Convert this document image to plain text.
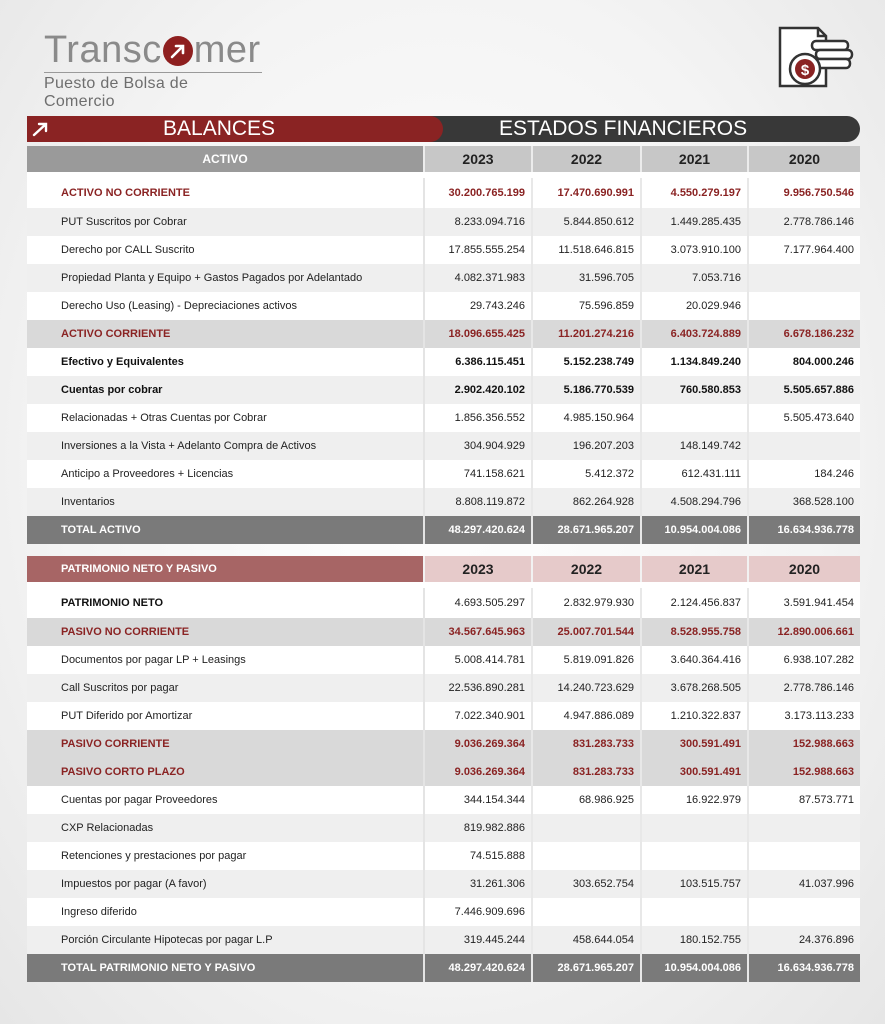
Transc mer
Puesto de Bolsa de Comercio
$
BALANCES	ESTADOS FINANCIEROS
ACTIVO	2023	2022	2021	2020

ACTIVO NO CORRIENTE	30.200.765.199	17.470.690.991	4.550.279.197	9.956.750.546
PUT Suscritos por Cobrar	8.233.094.716	5.844.850.612	1.449.285.435	2.778.786.146
Derecho por CALL Suscrito	17.855.555.254	11.518.646.815	3.073.910.100	7.177.964.400
Propiedad Planta y Equipo + Gastos Pagados por Adelantado	4.082.371.983	31.596.705	7.053.716	
Derecho Uso (Leasing) - Depreciaciones activos	29.743.246	75.596.859	20.029.946	
ACTIVO CORRIENTE	18.096.655.425	11.201.274.216	6.403.724.889	6.678.186.232
Efectivo y Equivalentes	6.386.115.451	5.152.238.749	1.134.849.240	804.000.246
Cuentas por cobrar	2.902.420.102	5.186.770.539	760.580.853	5.505.657.886
Relacionadas + Otras Cuentas por Cobrar	1.856.356.552	4.985.150.964		5.505.473.640
Inversiones a la Vista + Adelanto Compra de Activos	304.904.929	196.207.203	148.149.742	
Anticipo a Proveedores + Licencias	741.158.621	5.412.372	612.431.111	184.246
Inventarios	8.808.119.872	862.264.928	4.508.294.796	368.528.100
TOTAL ACTIVO	48.297.420.624	28.671.965.207	10.954.004.086	16.634.936.778
PATRIMONIO NETO Y PASIVO	2023	2022	2021	2020

PATRIMONIO NETO	4.693.505.297	2.832.979.930	2.124.456.837	3.591.941.454
PASIVO NO CORRIENTE	34.567.645.963	25.007.701.544	8.528.955.758	12.890.006.661
Documentos por pagar LP + Leasings	5.008.414.781	5.819.091.826	3.640.364.416	6.938.107.282
Call Suscritos por pagar	22.536.890.281	14.240.723.629	3.678.268.505	2.778.786.146
PUT Diferido por Amortizar	7.022.340.901	4.947.886.089	1.210.322.837	3.173.113.233
PASIVO CORRIENTE	9.036.269.364	831.283.733	300.591.491	152.988.663
PASIVO CORTO PLAZO	9.036.269.364	831.283.733	300.591.491	152.988.663
Cuentas por pagar Proveedores	344.154.344	68.986.925	16.922.979	87.573.771
CXP Relacionadas	819.982.886			
Retenciones y prestaciones por pagar	74.515.888			
Impuestos por pagar (A favor)	31.261.306	303.652.754	103.515.757	41.037.996
Ingreso diferido	7.446.909.696			
Porción Circulante Hipotecas por pagar L.P	319.445.244	458.644.054	180.152.755	24.376.896
TOTAL PATRIMONIO NETO Y PASIVO	48.297.420.624	28.671.965.207	10.954.004.086	16.634.936.778
